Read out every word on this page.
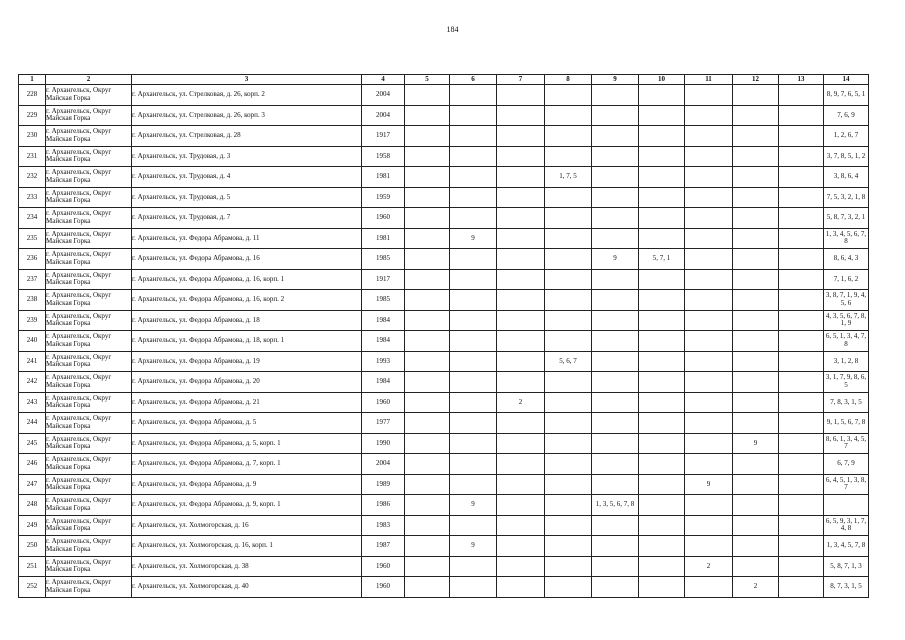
184
1	2	3	4	5	6	7	8	9	10	11	12	13	14
228	г. Архангельск, Округ Майская Горка	г. Архангельск, ул. Стрелковая, д. 26, корп. 2	2004										8, 9, 7, 6, 5, 1
229	г. Архангельск, Округ Майская Горка	г. Архангельск, ул. Стрелковая, д. 26, корп. 3	2004										7, 6, 9
230	г. Архангельск, Округ Майская Горка	г. Архангельск, ул. Стрелковая, д. 28	1917										1, 2, 6, 7
231	г. Архангельск, Округ Майская Горка	г. Архангельск, ул. Трудовая, д. 3	1958										3, 7, 8, 5, 1, 2
232	г. Архангельск, Округ Майская Горка	г. Архангельск, ул. Трудовая, д. 4	1981				1, 7, 5						3, 8, 6, 4
233	г. Архангельск, Округ Майская Горка	г. Архангельск, ул. Трудовая, д. 5	1959										7, 5, 3, 2, 1, 8
234	г. Архангельск, Округ Майская Горка	г. Архангельск, ул. Трудовая, д. 7	1960										5, 8, 7, 3, 2, 1
235	г. Архангельск, Округ Майская Горка	г. Архангельск, ул. Федора Абрамова, д. 11	1981		9								1, 3, 4, 5, 6, 7, 8
236	г. Архангельск, Округ Майская Горка	г. Архангельск, ул. Федора Абрамова, д. 16	1985					9	5, 7, 1				8, 6, 4, 3
237	г. Архангельск, Округ Майская Горка	г. Архангельск, ул. Федора Абрамова, д. 16, корп. 1	1917										7, 1, 6, 2
238	г. Архангельск, Округ Майская Горка	г. Архангельск, ул. Федора Абрамова, д. 16, корп. 2	1985										3, 8, 7, 1, 9, 4, 5, 6
239	г. Архангельск, Округ Майская Горка	г. Архангельск, ул. Федора Абрамова, д. 18	1984										4, 3, 5, 6, 7, 8, 1, 9
240	г. Архангельск, Округ Майская Горка	г. Архангельск, ул. Федора Абрамова, д. 18, корп. 1	1984										6, 5, 1, 3, 4, 7, 8
241	г. Архангельск, Округ Майская Горка	г. Архангельск, ул. Федора Абрамова, д. 19	1993				5, 6, 7						3, 1, 2, 8
242	г. Архангельск, Округ Майская Горка	г. Архангельск, ул. Федора Абрамова, д. 20	1984										3, 1, 7, 9, 8, 6, 5
243	г. Архангельск, Округ Майская Горка	г. Архангельск, ул. Федора Абрамова, д. 21	1960			2							7, 8, 3, 1, 5
244	г. Архангельск, Округ Майская Горка	г. Архангельск, ул. Федора Абрамова, д. 5	1977										9, 1, 5, 6, 7, 8
245	г. Архангельск, Округ Майская Горка	г. Архангельск, ул. Федора Абрамова, д. 5, корп. 1	1990								9		8, 6, 1, 3, 4, 5, 7
246	г. Архангельск, Округ Майская Горка	г. Архангельск, ул. Федора Абрамова, д. 7, корп. 1	2004										6, 7, 9
247	г. Архангельск, Округ Майская Горка	г. Архангельск, ул. Федора Абрамова, д. 9	1989							9			6, 4, 5, 1, 3, 8, 7
248	г. Архангельск, Округ Майская Горка	г. Архангельск, ул. Федора Абрамова, д. 9, корп. 1	1986		9			1, 3, 5, 6, 7, 8					
249	г. Архангельск, Округ Майская Горка	г. Архангельск, ул. Холмогорская, д. 16	1983										6, 5, 9, 3, 1, 7, 4, 8
250	г. Архангельск, Округ Майская Горка	г. Архангельск, ул. Холмогорская, д. 16, корп. 1	1987		9								1, 3, 4, 5, 7, 8
251	г. Архангельск, Округ Майская Горка	г. Архангельск, ул. Холмогорская, д. 38	1960							2			5, 8, 7, 1, 3
252	г. Архангельск, Округ Майская Горка	г. Архангельск, ул. Холмогорская, д. 40	1960								2		8, 7, 3, 1, 5
